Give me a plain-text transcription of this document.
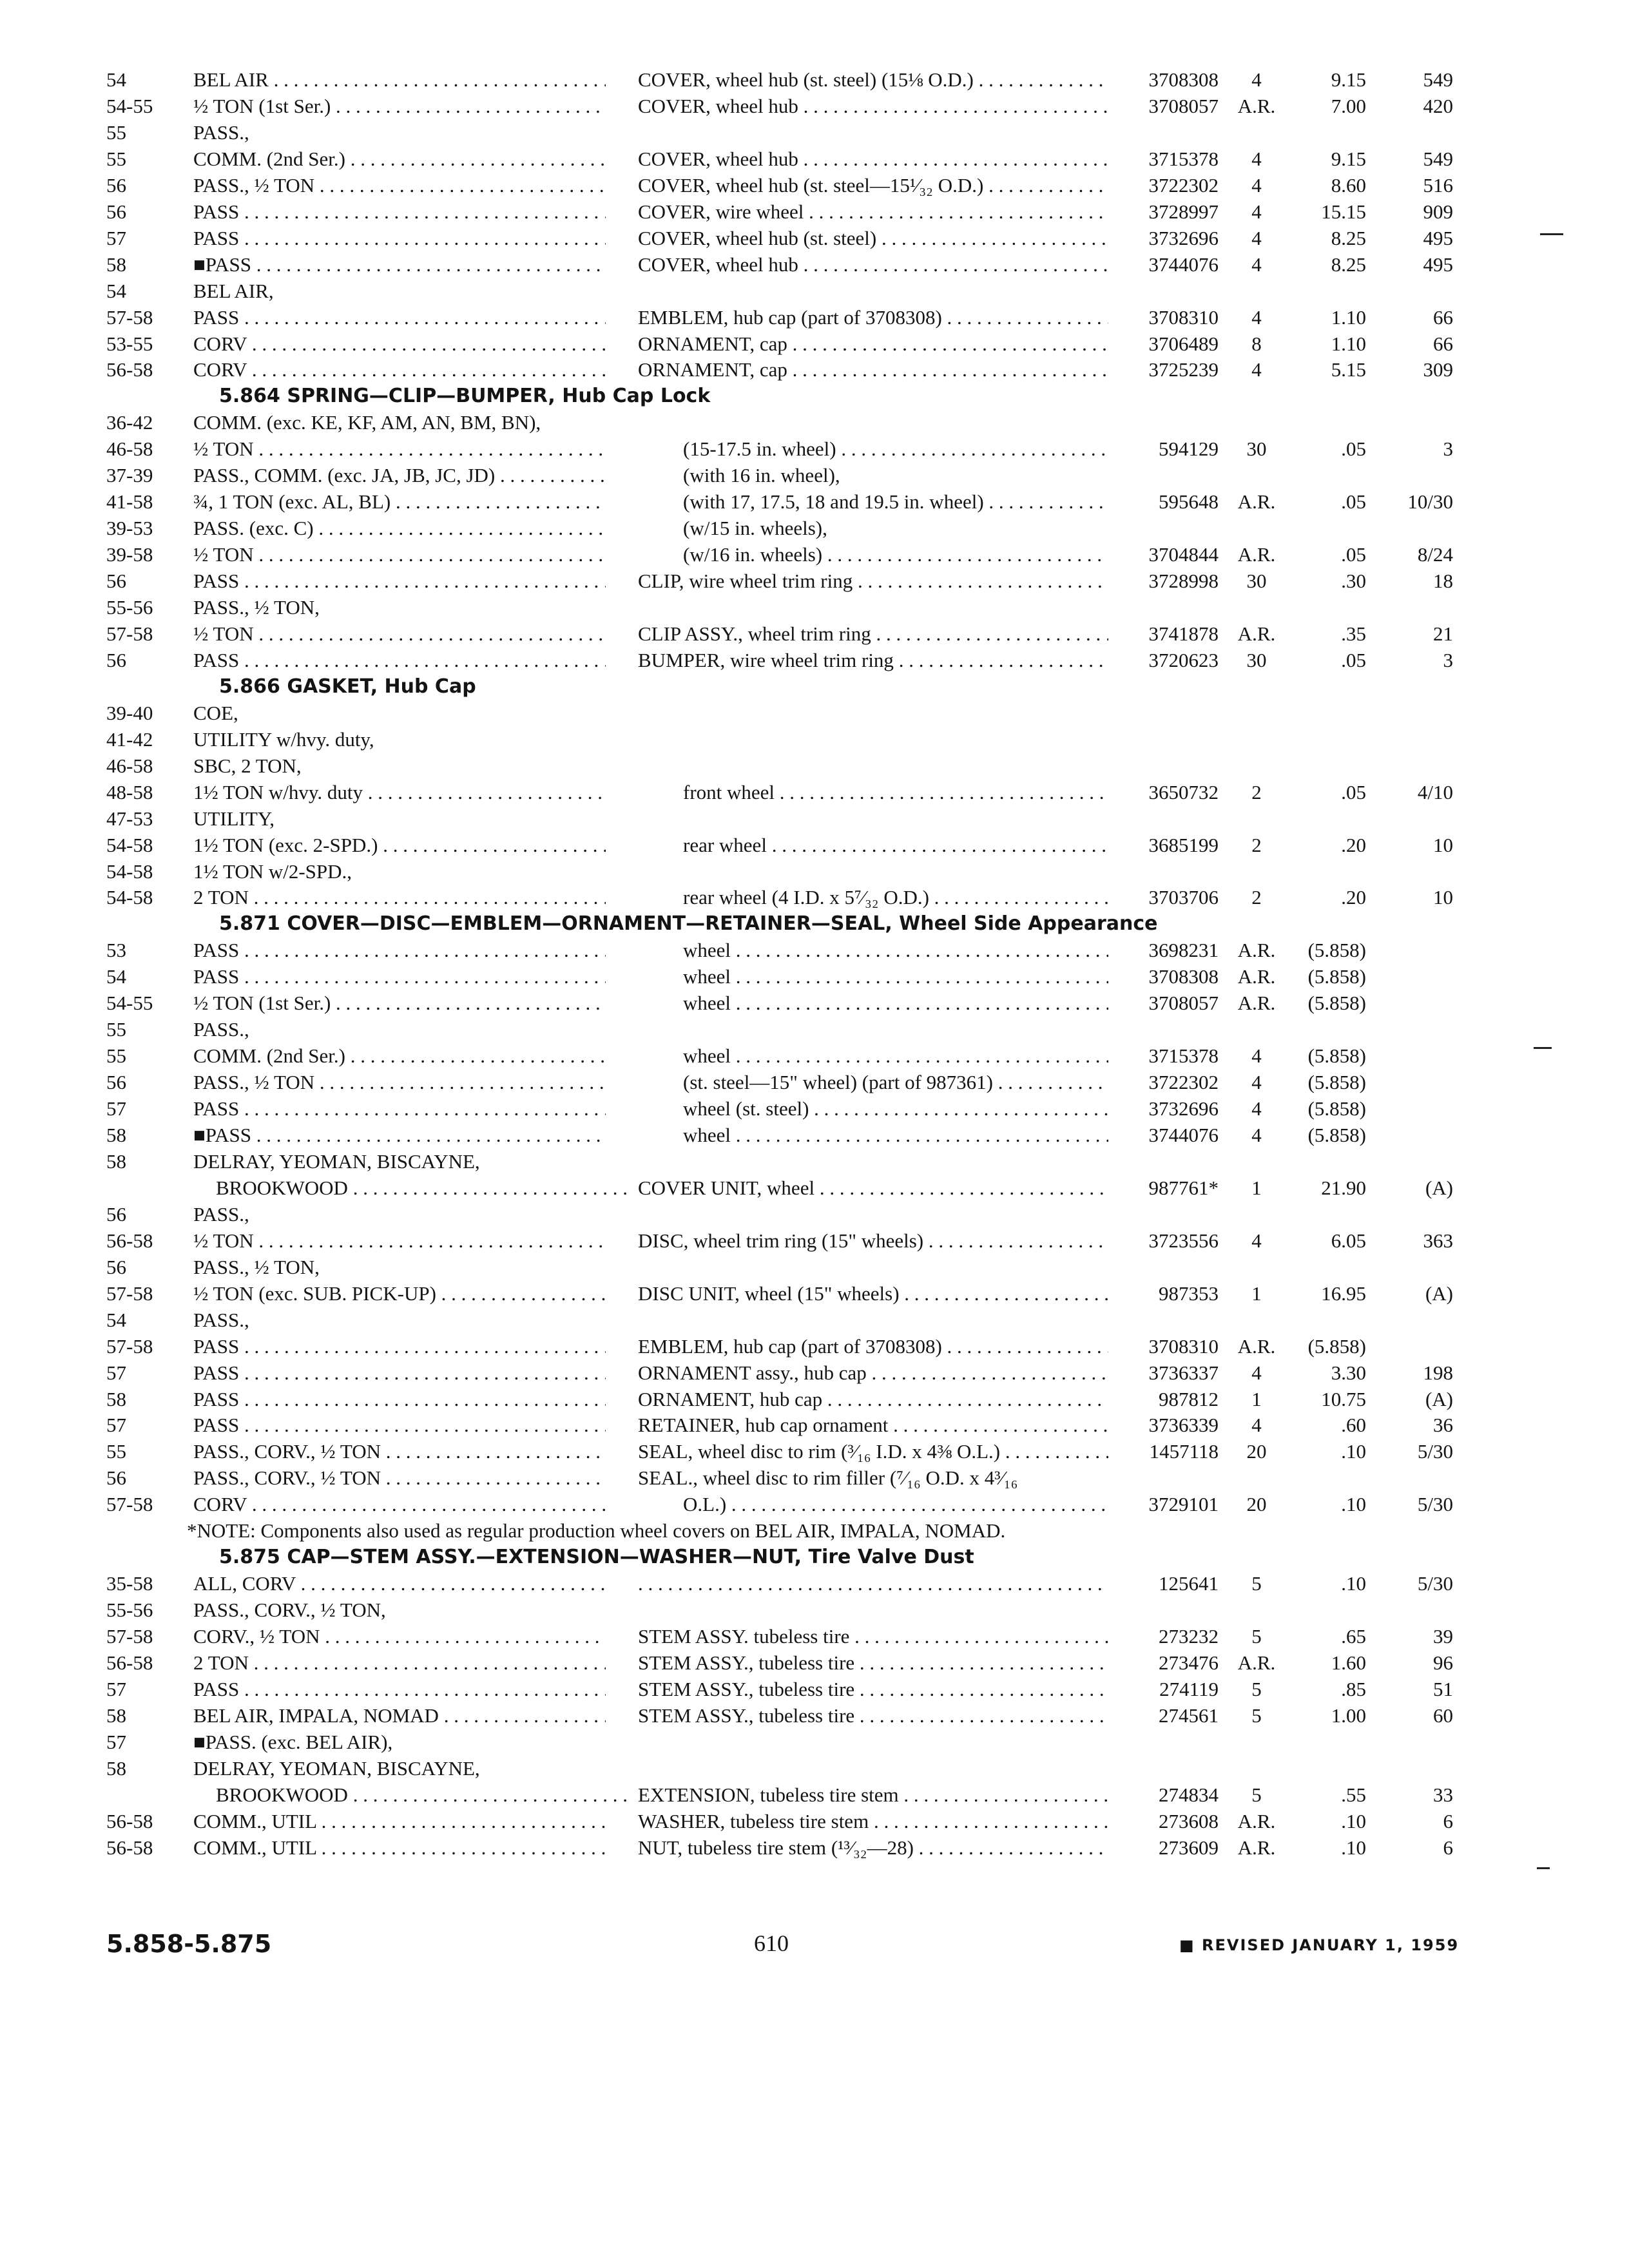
54	BEL AIR . . .	COVER, wheel hub (st. steel) (15⅛ O.D.) . . .	3708308	4	9.15	549
54-55 ½ TON (1st Ser.) . . .	COVER, wheel hub . . .	3708057 A.R.	7.00	420
55	PASS.,
55	COMM. (2nd Ser.) . . .	COVER, wheel hub . . .	3715378	4	9.15	549
56	PASS., ½ TON . . .	COVER, wheel hub (st. steel—15¹⁄₃₂ O.D.) . . .	3722302	4	8.60	516
56	PASS . . .	COVER, wire wheel . . .	3728997	4	15.15	909
57	PASS . . .	COVER, wheel hub (st. steel) . . .	3732696	4	8.25	495
58	■PASS . . .	COVER, wheel hub . . .	3744076	4	8.25	495
54	BEL AIR,
57-58 PASS . . .	EMBLEM, hub cap (part of 3708308) . . .	3708310	4	1.10	66
53-55 CORV . . .	ORNAMENT, cap . . .	3706489	8	1.10	66
56-58 CORV . . .	ORNAMENT, cap . . .	3725239	4	5.15	309
5.864 SPRING—CLIP—BUMPER, Hub Cap Lock
36-42 COMM. (exc. KE, KF, AM, AN, BM, BN),
46-58 ½ TON . . .	(15-17.5 in. wheel) . . .	594129	30	.05	3
37-39 PASS., COMM. (exc. JA, JB, JC, JD) . . .	(with 16 in. wheel),
41-58 ¾, 1 TON (exc. AL, BL) . . .	(with 17, 17.5, 18 and 19.5 in. wheel) . . .	595648 A.R.	.05	10/30
39-53 PASS. (exc. C) . . .	(w/15 in. wheels),
39-58 ½ TON . . .	(w/16 in. wheels) . . .	3704844 A.R.	.05	8/24
56	PASS . . .	CLIP, wire wheel trim ring . . .	3728998	30	.30	18
55-56 PASS., ½ TON,
57-58 ½ TON . . .	CLIP ASSY., wheel trim ring . . .	3741878 A.R.	.35	21
56	PASS . . .	BUMPER, wire wheel trim ring . . .	3720623	30	.05	3
5.866 GASKET, Hub Cap
39-40 COE,
41-42 UTILITY w/hvy. duty,
46-58 SBC, 2 TON,
48-58 1½ TON w/hvy. duty . . .	front wheel . . .	3650732	2	.05	4/10
47-53 UTILITY,
54-58 1½ TON (exc. 2-SPD.) . . .	rear wheel . . .	3685199	2	.20	10
54-58 1½ TON w/2-SPD.,
54-58 2 TON . . .	rear wheel (4 I.D. x 5⁷⁄₃₂ O.D.) . . .	3703706	2	.20	10
5.871 COVER—DISC—EMBLEM—ORNAMENT—RETAINER—SEAL, Wheel Side Appearance
53	PASS . . .	wheel . . .	3698231 A.R.	(5.858)
54	PASS . . .	wheel . . .	3708308 A.R.	(5.858)
54-55 ½ TON (1st Ser.) . . .	wheel . . .	3708057 A.R.	(5.858)
55	PASS.,
55	COMM. (2nd Ser.) . . .	wheel . . .	3715378	4	(5.858)
56	PASS., ½ TON . . .	(st. steel—15" wheel) (part of 987361) . . .	3722302	4	(5.858)
57	PASS . . .	wheel (st. steel) . . .	3732696	4	(5.858)
58	■PASS . . .	wheel . . .	3744076	4	(5.858)
58	DELRAY, YEOMAN, BISCAYNE,
BROOKWOOD . . .	COVER UNIT, wheel . . .	987761*	1	21.90	(A)
56	PASS.,
56-58 ½ TON . . .	DISC, wheel trim ring (15" wheels) . . .	3723556	4	6.05	363
56	PASS., ½ TON,
57-58 ½ TON (exc. SUB. PICK-UP) . . .	DISC UNIT, wheel (15" wheels) . . .	987353	1	16.95	(A)
54	PASS.,
57-58 PASS . . .	EMBLEM, hub cap (part of 3708308) . . .	3708310 A.R.	(5.858)
57	PASS . . .	ORNAMENT assy., hub cap . . .	3736337	4	3.30	198
58	PASS . . .	ORNAMENT, hub cap . . .	987812	1	10.75	(A)
57	PASS . . .	RETAINER, hub cap ornament . . .	3736339	4	.60	36
55	PASS., CORV., ½ TON . . .	SEAL, wheel disc to rim (³⁄₁₆ I.D. x 4⅜ O.L.) . . .	1457118	20	.10	5/30
56	PASS., CORV., ½ TON . . .	SEAL., wheel disc to rim filler (⁷⁄₁₆ O.D. x 4³⁄₁₆
57-58 CORV . . .	O.L.) . . .	3729101	20	.10	5/30
*NOTE: Components also used as regular production wheel covers on BEL AIR, IMPALA, NOMAD.
5.875 CAP—STEM ASSY.—EXTENSION—WASHER—NUT, Tire Valve Dust
35-58 ALL, CORV . . .
. . .	125641	5	.10	5/30
55-56 PASS., CORV., ½ TON,
57-58 CORV., ½ TON . . .	STEM ASSY. tubeless tire . . .	273232	5	.65	39
56-58 2 TON . . .	STEM ASSY., tubeless tire . . .	273476 A.R.	1.60	96
57	PASS . . .	STEM ASSY., tubeless tire . . .	274119	5	.85	51
58	BEL AIR, IMPALA, NOMAD . . .	STEM ASSY., tubeless tire . . .	274561	5	1.00	60
57	■PASS. (exc. BEL AIR),
58	DELRAY, YEOMAN, BISCAYNE,
BROOKWOOD . . .	EXTENSION, tubeless tire stem . . .	274834	5	.55	33
56-58 COMM., UTIL . . .	WASHER, tubeless tire stem . . .	273608 A.R.	.10	6
56-58 COMM., UTIL . . .	NUT, tubeless tire stem (¹³⁄₃₂—28) . . .	273609 A.R.	.10	6
5.858-5.875	610	■ REVISED JANUARY 1, 1959
